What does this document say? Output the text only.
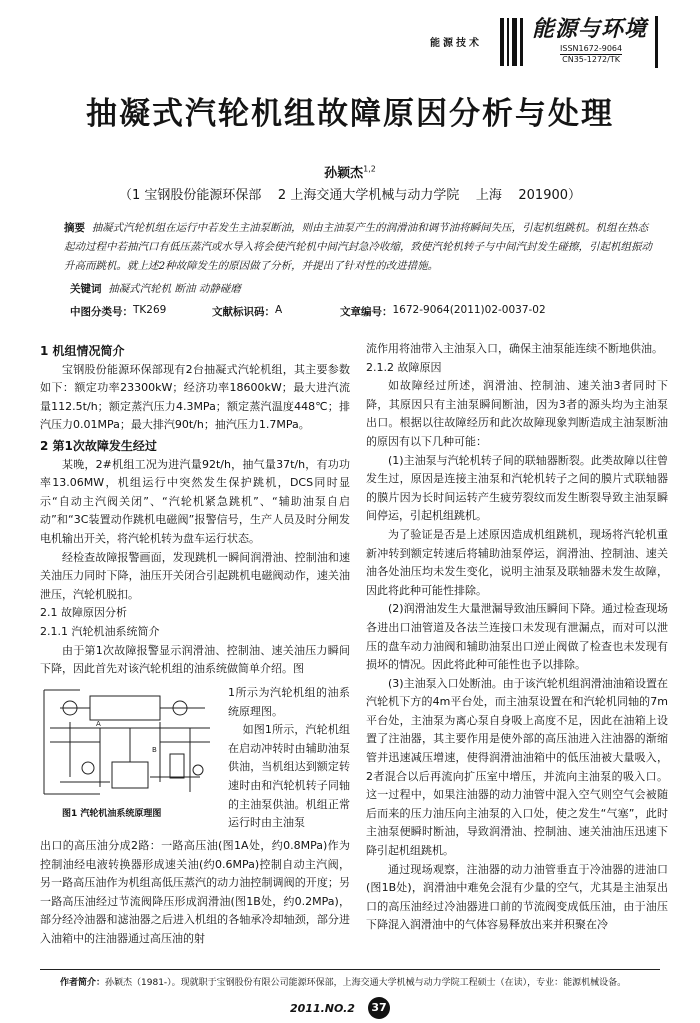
能源技术
能源与环境
ISSN1672-9064
CN35-1272/TK
抽凝式汽轮机组故障原因分析与处理
孙颖杰$^{1,2}$
（1 宝钢股份能源环保部    2 上海交通大学机械与动力学院    上海    201900）
摘要 抽凝式汽轮机组在运行中若发生主油泵断油，则由主油泵产生的润滑油和调节油将瞬间失压，引起机组跳机。机组在热态起动过程中若抽汽口有低压蒸汽或水导入将会使汽轮机中间汽封急冷收缩，致使汽轮机转子与中间汽封发生碰擦，引起机组振动升高而跳机。就上述2种故障发生的原因做了分析，并提出了针对性的改进措施。
关键词 抽凝式汽轮机 断油 动静碰磨
中图分类号： TK269	文献标识码： A	文章编号： 1672-9064(2011)02-0037-02

1 机组情况简介

宝钢股份能源环保部现有2台抽凝式汽轮机组，其主要参数如下：额定功率23300kW；经济功率18600kW；最大进汽流量112.5t/h；额定蒸汽压力4.3MPa；额定蒸汽温度448℃；排汽压力0.01MPa；最大排汽90t/h；抽汽压力1.7MPa。

2 第1次故障发生经过

某晚，2#机组工况为进汽量92t/h，抽气量37t/h，有功功率13.06MW，机组运行中突然发生保护跳机，DCS同时显示“自动主汽阀关闭”、“汽轮机紧急跳机”、“辅助油泵自启动”和“3C装置动作跳机电磁阀”报警信号，生产人员及时分闸发电机输出开关，将汽轮机转为盘车运行状态。

经检查故障报警画面，发现跳机一瞬间润滑油、控制油和速关油压力同时下降，油压开关闭合引起跳机电磁阀动作，速关油泄压，汽轮机脱扣。

2.1 故障原因分析

2.1.1 汽轮机油系统简介

由于第1次故障报警显示润滑油、控制油、速关油压力瞬间下降，因此首先对该汽轮机组的油系统做简单介绍。图

A
B
图1 汽轮机油系统原理图

1所示为汽轮机组的油系统原理图。
如图1所示，汽轮机组在启动冲转时由辅助油泵供油，当机组达到额定转速时由和汽轮机转子同轴的主油泵供油。机组正常运行时由主油泵

出口的高压油分成2路：一路高压油(图1A处，约0.8MPa)作为控制油经电液转换器形成速关油(约0.6MPa)控制自动主汽阀，另一路高压油作为机组高低压蒸汽的动力油控制调阀的开度；另一路高压油经过节流阀降压形成润滑油(图1B处，约0.2MPa)，部分经冷油器和滤油器之后进入机组的各轴承冷却轴颈，部分进入油箱中的注油器通过高压油的射

流作用将油带入主油泵入口，确保主油泵能连续不断地供油。

2.1.2 故障原因

如故障经过所述，润滑油、控制油、速关油3者同时下降，其原因只有主油泵瞬间断油，因为3者的源头均为主油泵出口。根据以往故障经历和此次故障现象判断造成主油泵断油的原因有以下几种可能：

(1)主油泵与汽轮机转子间的联轴器断裂。此类故障以往曾发生过，原因是连接主油泵和汽轮机转子之间的膜片式联轴器的膜片因为长时间运转产生疲劳裂纹而发生断裂导致主油泵瞬间停运，引起机组跳机。

为了验证是否是上述原因造成机组跳机，现场将汽轮机重新冲转到额定转速后将辅助油泵停运，润滑油、控制油、速关油各处油压均未发生变化，说明主油泵及联轴器未发生故障，因此将此种可能性排除。

(2)润滑油发生大量泄漏导致油压瞬间下降。通过检查现场各进出口油管道及各法兰连接口未发现有泄漏点，而对可以泄压的盘车动力油阀和辅助油泵出口逆止阀做了检查也未发现有损坏的情况。因此将此种可能性也予以排除。

(3)主油泵入口处断油。由于该汽轮机组润滑油油箱设置在汽轮机下方的4m平台处，而主油泵设置在和汽轮机同轴的7m平台处，主油泵为离心泵自身吸上高度不足，因此在油箱上设置了注油器，其主要作用是使外部的高压油进入注油器的渐缩管并迅速减压增速，使得润滑油油箱中的低压油被大量吸入，2者混合以后再流向扩压室中增压，并流向主油泵的吸入口。这一过程中，如果注油器的动力油管中混入空气则空气会被随后而来的压力油压向主油泵的入口处，使之发生“气塞”，此时主油泵便瞬时断油，导致润滑油、控制油、速关油油压迅速下降引起机组跳机。

通过现场观察，注油器的动力油管垂直于冷油器的进油口(图1B处)，润滑油中难免会混有少量的空气，尤其是主油泵出口的高压油经过冷油器进口前的节流阀变成低压油，由于油压下降混入润滑油中的气体容易释放出来并积聚在冷

作者简介：孙颖杰（1981-）。现就职于宝钢股份有限公司能源环保部，上海交通大学机械与动力学院工程硕士（在读），专业：能源机械设备。
2011.NO.2	37
